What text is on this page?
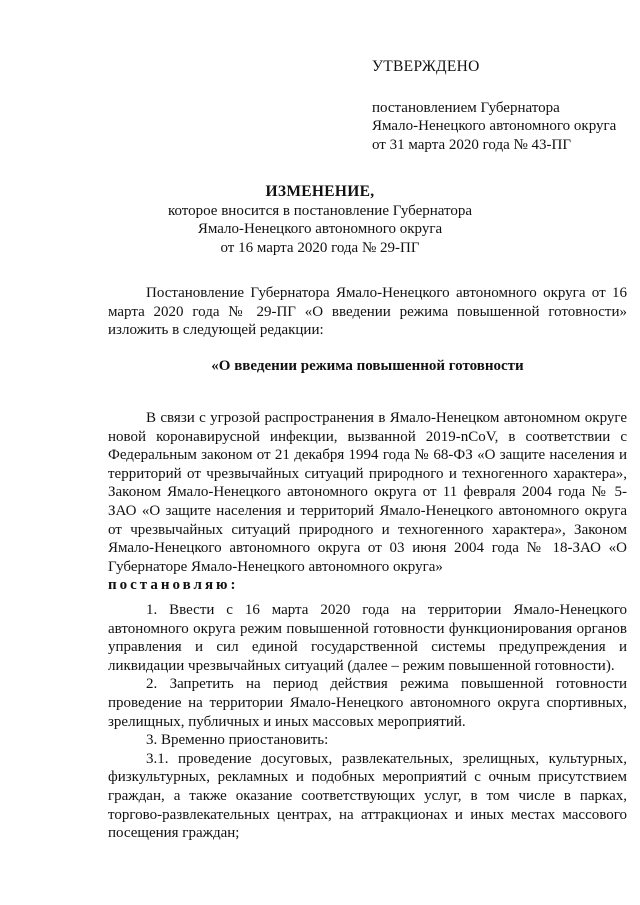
УТВЕРЖДЕНО
постановлением Губернатора
Ямало-Ненецкого автономного округа
от 31 марта 2020 года № 43-ПГ
ИЗМЕНЕНИЕ,
которое вносится в постановление Губернатора
Ямало-Ненецкого автономного округа
от 16 марта 2020 года № 29-ПГ

Постановление Губернатора Ямало-Ненецкого автономного округа от 16 марта 2020 года № 29-ПГ «О введении режима повышенной готовности» изложить в следующей редакции:

«О введении режима повышенной готовности

В связи с угрозой распространения в Ямало-Ненецком автономном округе новой коронавирусной инфекции, вызванной 2019-nCoV, в соответствии с Федеральным законом от 21 декабря 1994 года № 68-ФЗ «О защите населения и территорий от чрезвычайных ситуаций природного и техногенного характера», Законом Ямало-Ненецкого автономного округа от 11 февраля 2004 года № 5-ЗАО «О защите населения и территорий Ямало-Ненецкого автономного округа от чрезвычайных ситуаций природного и техногенного характера», Законом Ямало-Ненецкого автономного округа от 03 июня 2004 года № 18-ЗАО «О Губернаторе Ямало-Ненецкого автономного округа»

постановляю:

1. Ввести с 16 марта 2020 года на территории Ямало-Ненецкого автономного округа режим повышенной готовности функционирования органов управления и сил единой государственной системы предупреждения и ликвидации чрезвычайных ситуаций (далее – режим повышенной готовности).

2. Запретить на период действия режима повышенной готовности проведение на территории Ямало-Ненецкого автономного округа спортивных, зрелищных, публичных и иных массовых мероприятий.

3. Временно приостановить:

3.1. проведение досуговых, развлекательных, зрелищных, культурных, физкультурных, рекламных и подобных мероприятий с очным присутствием граждан, а также оказание соответствующих услуг, в том числе в парках, торгово-развлекательных центрах, на аттракционах и иных местах массового посещения граждан;
